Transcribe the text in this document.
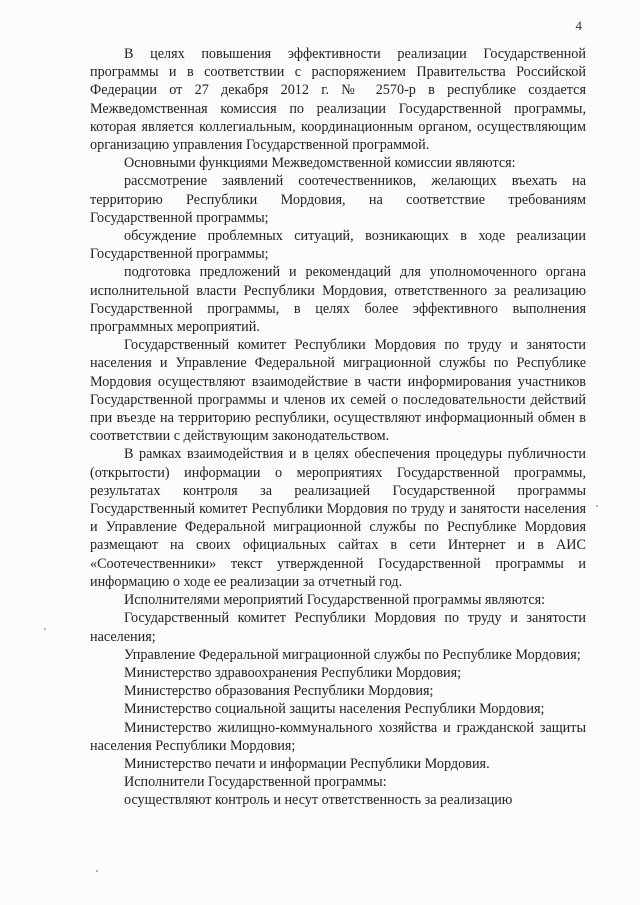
4

В целях повышения эффективности реализации Государственной программы и в соответствии с распоряжением Правительства Российской Федерации от 27 декабря 2012 г. № 2570-р в республике создается Межведомственная комиссия по реализации Государственной программы, которая является коллегиальным, координационным органом, осуществляющим организацию управления Государственной программой.

Основными функциями Межведомственной комиссии являются:

рассмотрение заявлений соотечественников, желающих въехать на территорию Республики Мордовия, на соответствие требованиям Государственной программы;

обсуждение проблемных ситуаций, возникающих в ходе реализации Государственной программы;

подготовка предложений и рекомендаций для уполномоченного органа исполнительной власти Республики Мордовия, ответственного за реализацию Государственной программы, в целях более эффективного выполнения программных мероприятий.

Государственный комитет Республики Мордовия по труду и занятости населения и Управление Федеральной миграционной службы по Республике Мордовия осуществляют взаимодействие в части информирования участников Государственной программы и членов их семей о последовательности действий при въезде на территорию республики, осуществляют информационный обмен в соответствии с действующим законодательством.

В рамках взаимодействия и в целях обеспечения процедуры публичности (открытости) информации о мероприятиях Государственной программы, результатах контроля за реализацией Государственной программы Государственный комитет Республики Мордовия по труду и занятости населения и Управление Федеральной миграционной службы по Республике Мордовия размещают на своих официальных сайтах в сети Интернет и в АИС «Соотечественники» текст утвержденной Государственной программы и информацию о ходе ее реализации за отчетный год.

Исполнителями мероприятий Государственной программы являются:

Государственный комитет Республики Мордовия по труду и занятости населения;

Управление Федеральной миграционной службы по Республике Мордовия;

Министерство здравоохранения Республики Мордовия;

Министерство образования Республики Мордовия;

Министерство социальной защиты населения Республики Мордовия;

Министерство жилищно-коммунального хозяйства и гражданской защиты населения Республики Мордовия;

Министерство печати и информации Республики Мордовия.

Исполнители Государственной программы:

осуществляют контроль и несут ответственность за реализацию
